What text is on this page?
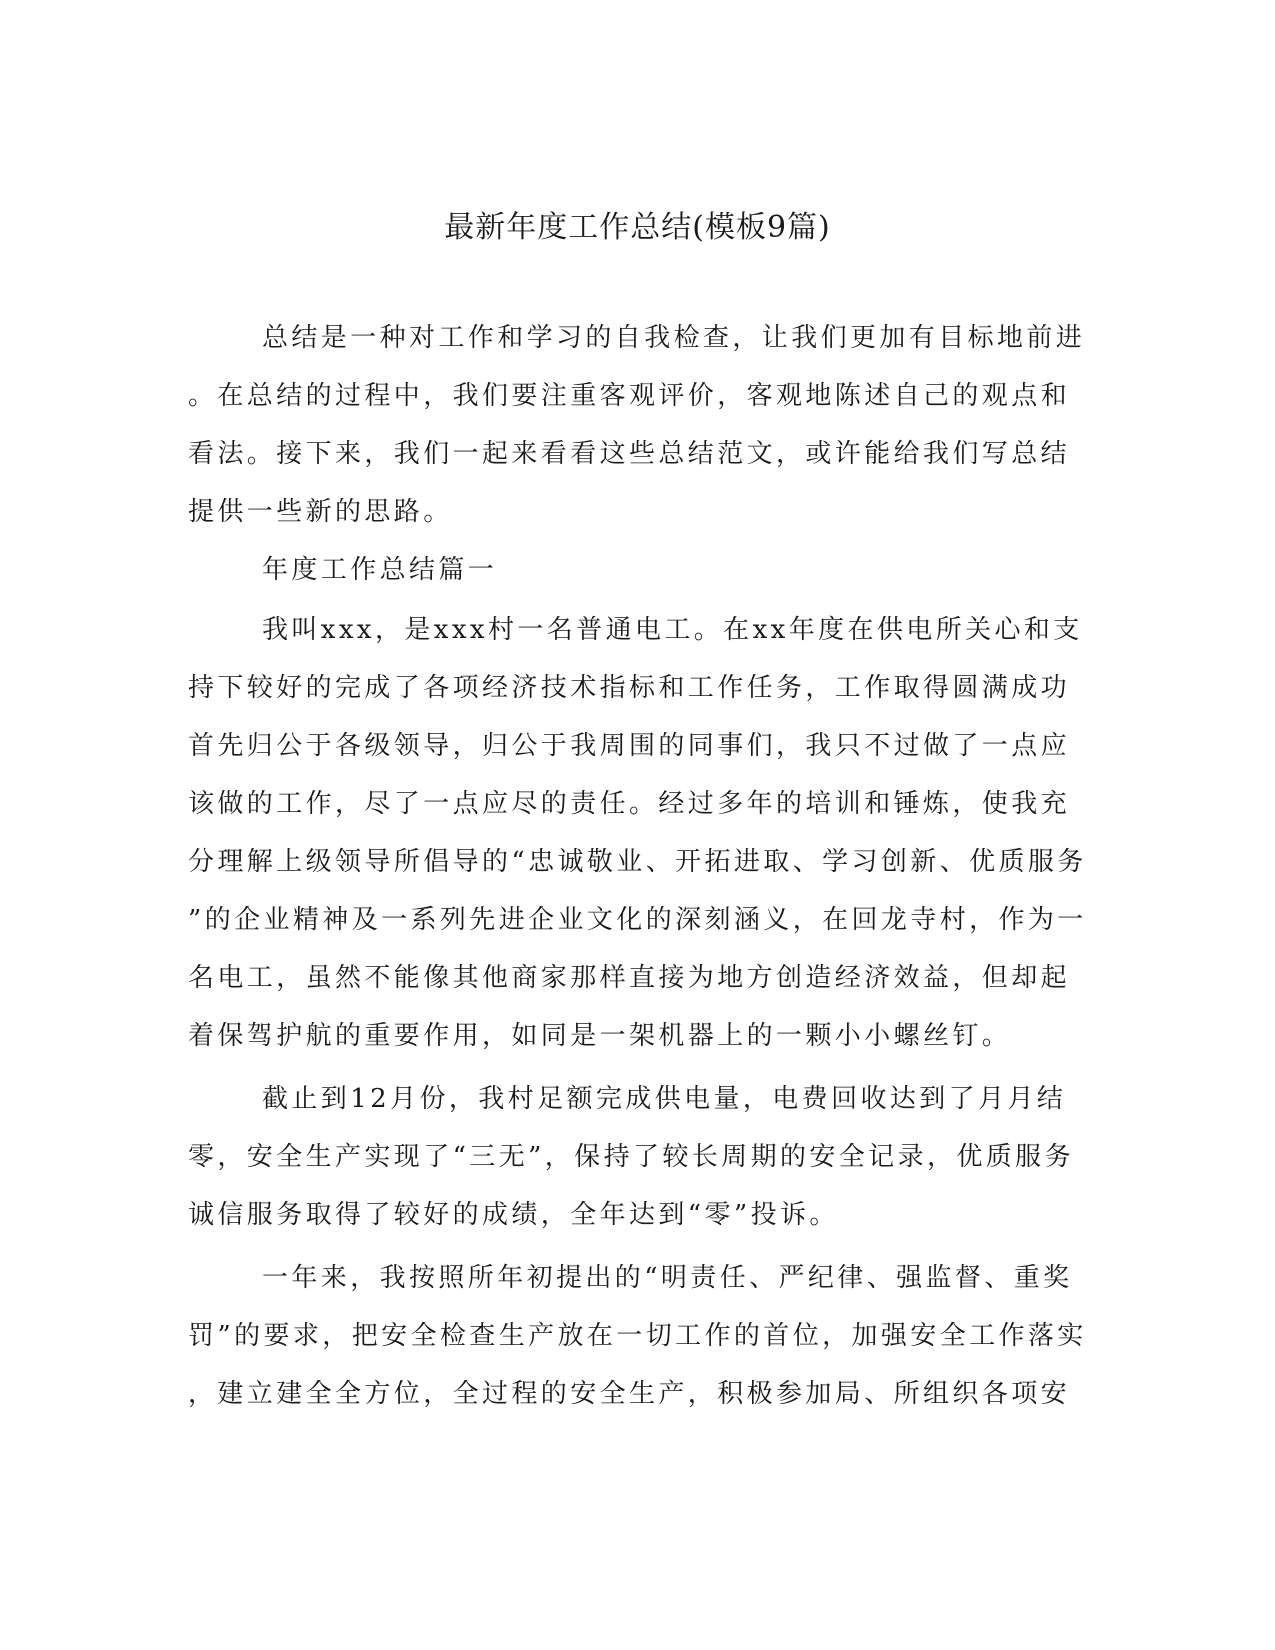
最新年度工作总结(模板9篇)
总结是一种对工作和学习的自我检查，让我们更加有目标地前进
。在总结的过程中，我们要注重客观评价，客观地陈述自己的观点和
看法。接下来，我们一起来看看这些总结范文，或许能给我们写总结
提供一些新的思路。
年度工作总结篇一
我叫xxx，是xxx村一名普通电工。在xx年度在供电所关心和支
持下较好的完成了各项经济技术指标和工作任务，工作取得圆满成功
首先归公于各级领导，归公于我周围的同事们，我只不过做了一点应
该做的工作，尽了一点应尽的责任。经过多年的培训和锤炼，使我充
分理解上级领导所倡导的“忠诚敬业、开拓进取、学习创新、优质服务
”的企业精神及一系列先进企业文化的深刻涵义，在回龙寺村，作为一
名电工，虽然不能像其他商家那样直接为地方创造经济效益，但却起
着保驾护航的重要作用，如同是一架机器上的一颗小小螺丝钉。
截止到12月份，我村足额完成供电量，电费回收达到了月月结
零，安全生产实现了“三无”，保持了较长周期的安全记录，优质服务
诚信服务取得了较好的成绩，全年达到“零”投诉。
一年来，我按照所年初提出的“明责任、严纪律、强监督、重奖
罚”的要求，把安全检查生产放在一切工作的首位，加强安全工作落实
，建立建全全方位，全过程的安全生产，积极参加局、所组织各项安
